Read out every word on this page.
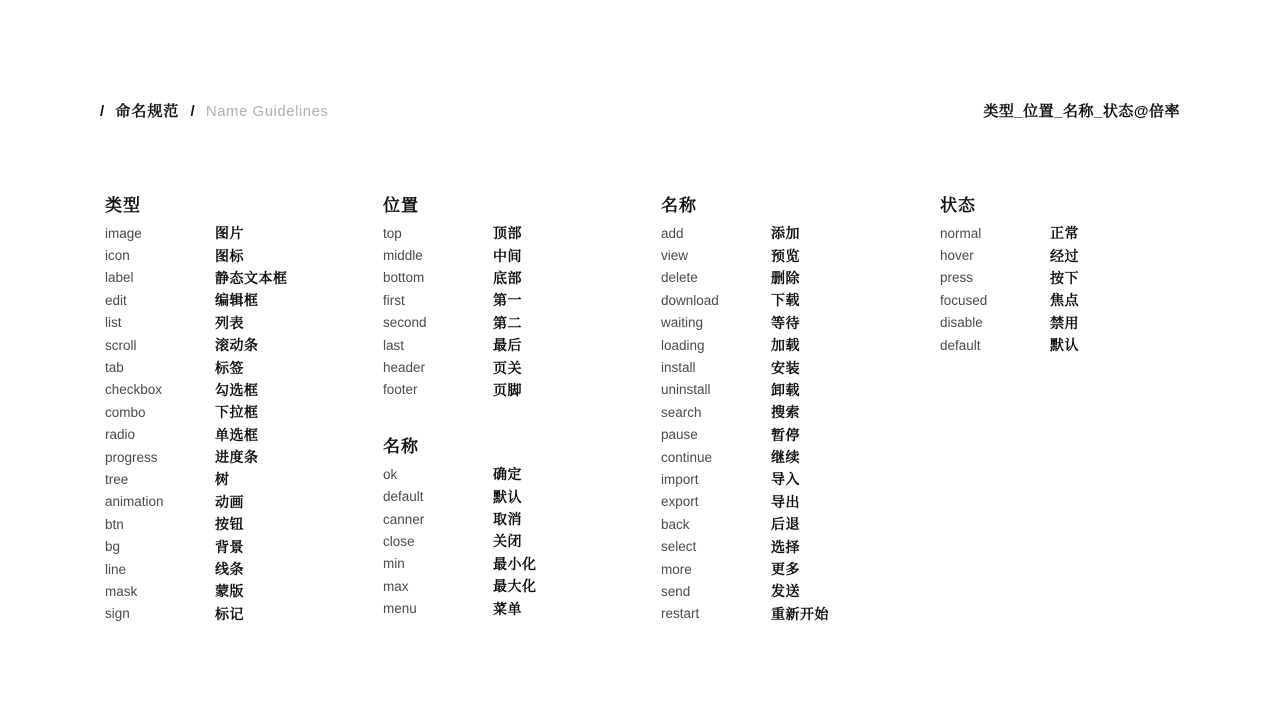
/ 命名规范 / Name Guidelines	类型_位置_名称_状态@倍率
类型
image	图片
icon	图标
label	静态文本框
edit	编辑框
list	列表
scroll	滚动条
tab	标签
checkbox	勾选框
combo	下拉框
radio	单选框
progress	进度条
tree	树
animation	动画
btn	按钮
bg	背景
line	线条
mask	蒙版
sign	标记
位置
top	顶部
middle	中间
bottom	底部
first	第一
second	第二
last	最后
header	页关
footer	页脚
名称
ok	确定
default	默认
canner	取消
close	关闭
min	最小化
max	最大化
menu	菜单
名称
add	添加
view	预览
delete	删除
download	下载
waiting	等待
loading	加载
install	安装
uninstall	卸载
search	搜索
pause	暂停
continue	继续
import	导入
export	导出
back	后退
select	选择
more	更多
send	发送
restart	重新开始
状态
normal	正常
hover	经过
press	按下
focused	焦点
disable	禁用
default	默认
